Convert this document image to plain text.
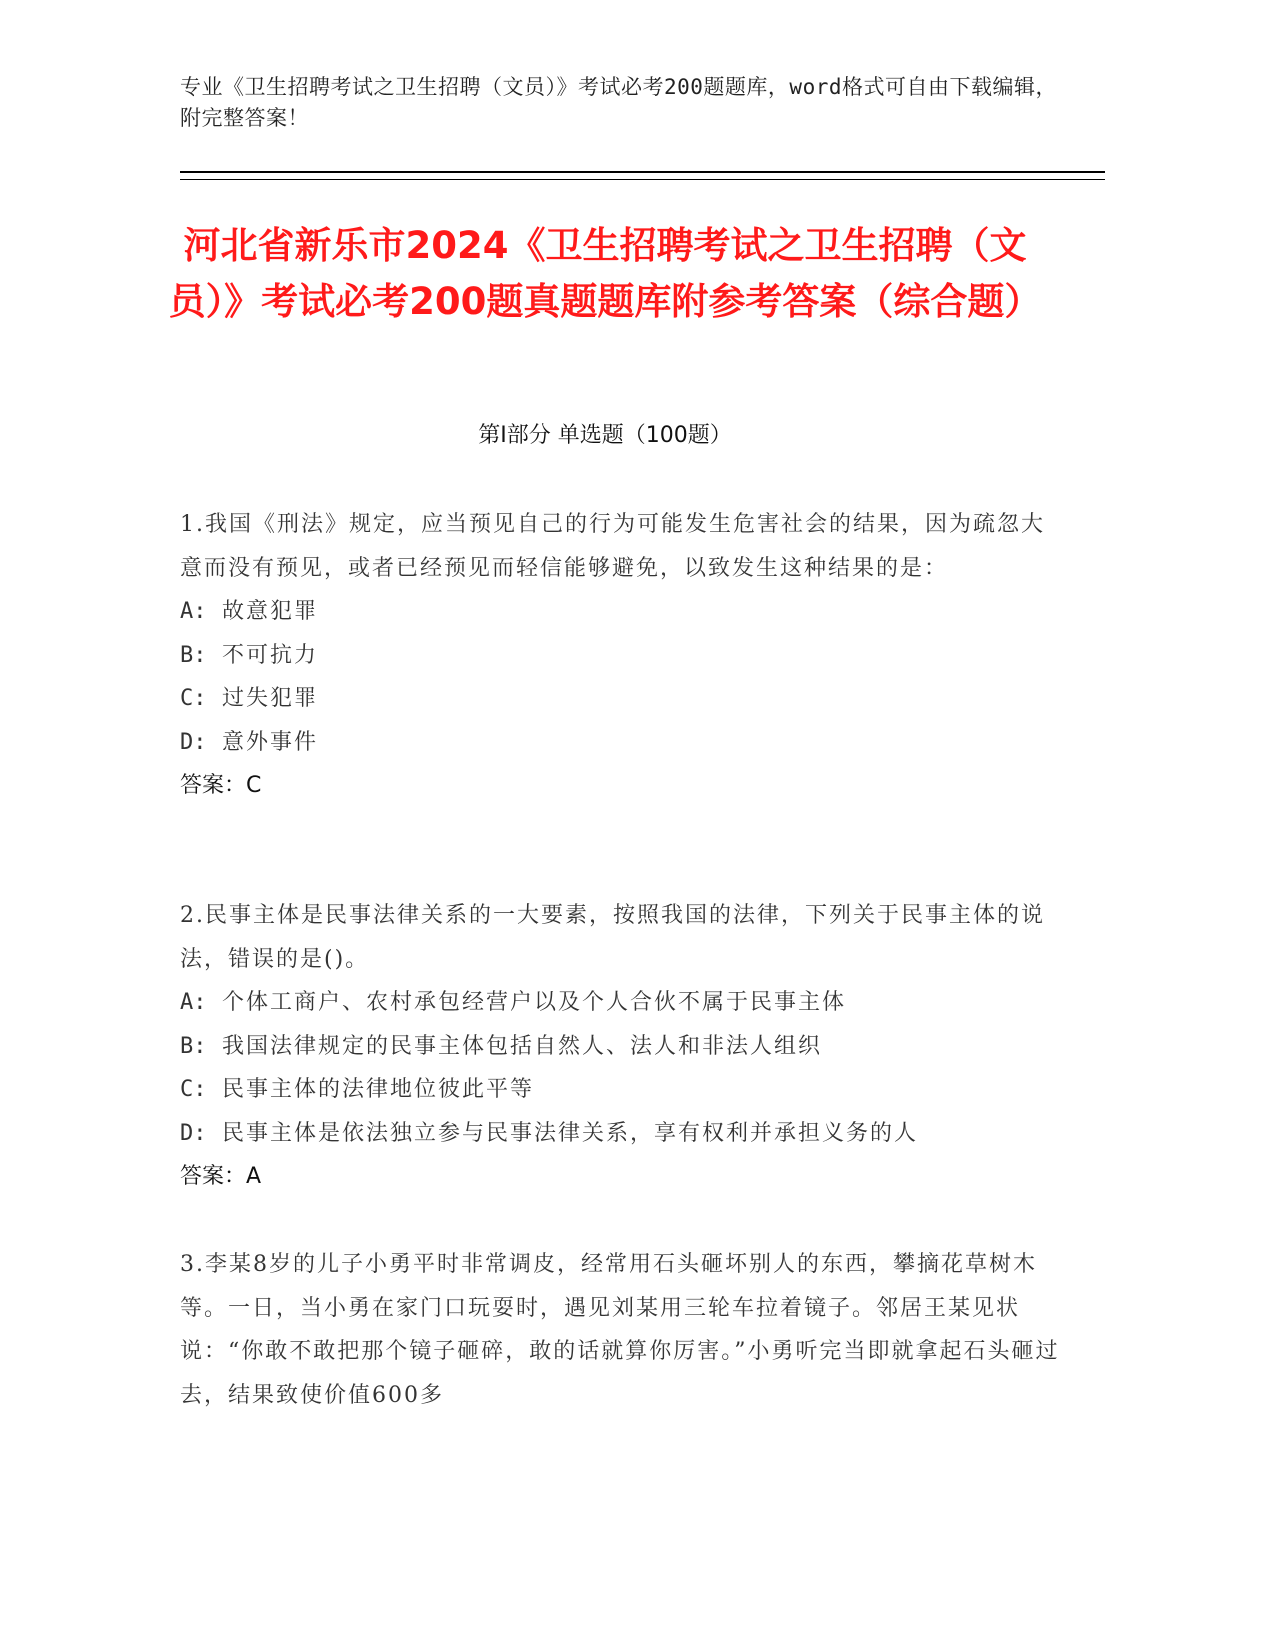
专业《卫生招聘考试之卫生招聘（文员）》考试必考200题题库，word格式可自由下载编辑，附完整答案！
河北省新乐市2024《卫生招聘考试之卫生招聘（文员）》考试必考200题真题题库附参考答案（综合题）
第Ⅰ部分 单选题（100题）
1.我国《刑法》规定，应当预见自己的行为可能发生危害社会的结果，因为疏忽大意而没有预见，或者已经预见而轻信能够避免，以致发生这种结果的是：
A: 故意犯罪
B: 不可抗力
C: 过失犯罪
D: 意外事件
答案：C
2.民事主体是民事法律关系的一大要素，按照我国的法律，下列关于民事主体的说法，错误的是()。
A: 个体工商户、农村承包经营户以及个人合伙不属于民事主体
B: 我国法律规定的民事主体包括自然人、法人和非法人组织
C: 民事主体的法律地位彼此平等
D: 民事主体是依法独立参与民事法律关系，享有权利并承担义务的人
答案：A
3.李某8岁的儿子小勇平时非常调皮，经常用石头砸坏别人的东西，攀摘花草树木等。一日，当小勇在家门口玩耍时，遇见刘某用三轮车拉着镜子。邻居王某见状说：“你敢不敢把那个镜子砸碎，敢的话就算你厉害。”小勇听完当即就拿起石头砸过去，结果致使价值600多
